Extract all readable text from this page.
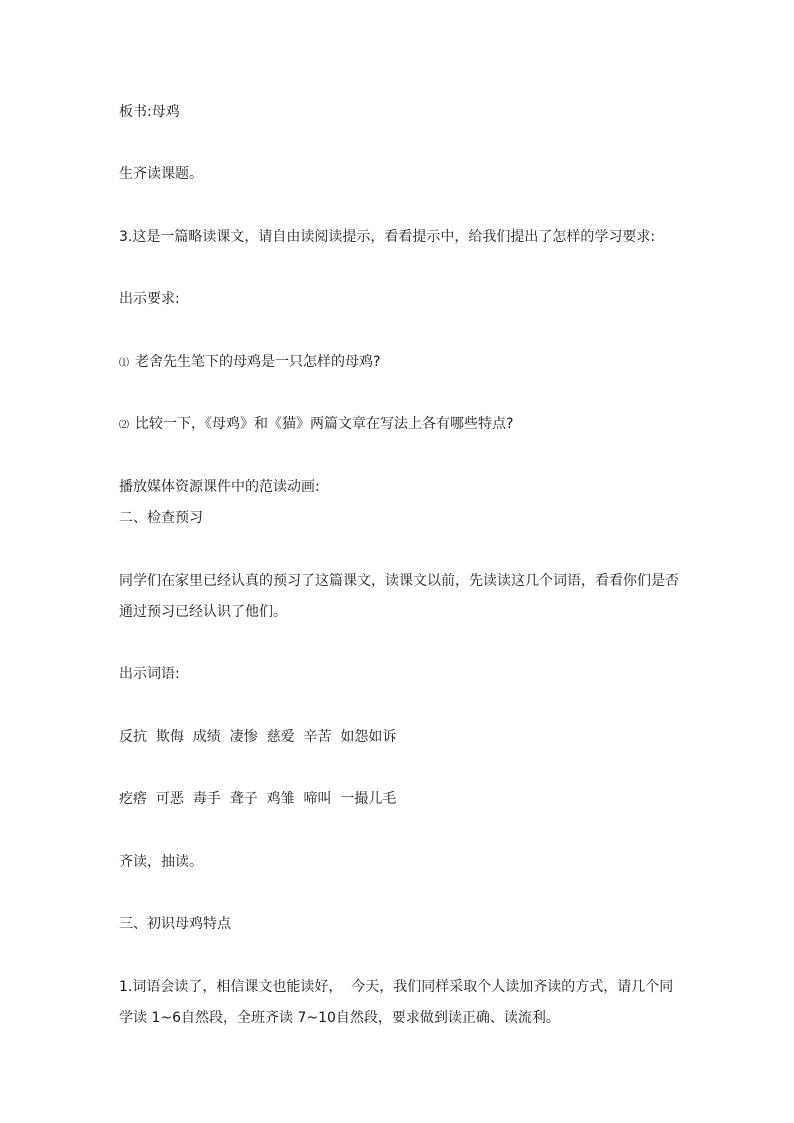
板书:母鸡
生齐读课题。
3.这是一篇略读课文，请自由读阅读提示，看看提示中，给我们提出了怎样的学习要求:
出示要求:
⑴ 老舍先生笔下的母鸡是一只怎样的母鸡?
⑵ 比较一下，《母鸡》和《猫》两篇文章在写法上各有哪些特点?
播放媒体资源课件中的范读动画:
二、检查预习
同学们在家里已经认真的预习了这篇课文，读课文以前，先读读这几个词语，看看你们是否
通过预习已经认识了他们。
出示词语:
反抗  欺侮  成绩  凄惨  慈爱  辛苦  如怨如诉
疙瘩  可恶  毒手  聋子  鸡雏  啼叫  一撮儿毛
齐读，抽读。
三、初识母鸡特点
1.词语会读了，相信课文也能读好，  今天，我们同样采取个人读加齐读的方式，请几个同
学读 1~6自然段，全班齐读 7~10自然段，要求做到读正确、读流利。
